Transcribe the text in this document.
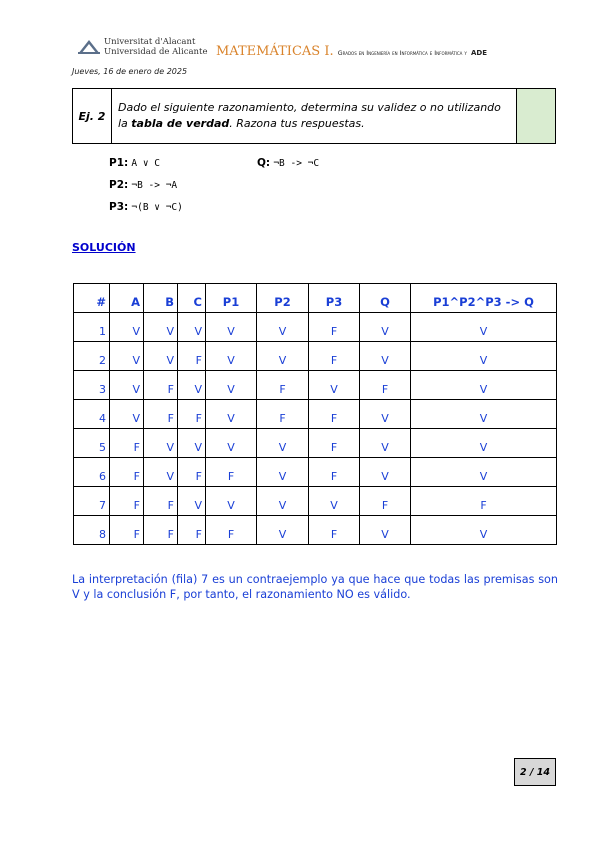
Universitat d'Alacant
Universidad de Alicante MATEMÁTICAS I. Grados en Ingeniería en Informática e Informática y ADE
Jueves, 16 de enero de 2025
Ej. 2
Dado el siguiente razonamiento, determina su validez o no utilizando la tabla de verdad. Razona tus respuestas.
P1: A ∨ C
P2: ¬B -> ¬A
P3: ¬(B ∨ ¬C)
Q: ¬B -> ¬C
SOLUCIÓN
#	A	B	C	P1	P2	P3	Q	P1^P2^P3 -> Q
1	V	V	V	V	V	F	V	V
2	V	V	F	V	V	F	V	V
3	V	F	V	V	F	V	F	V
4	V	F	F	V	F	F	V	V
5	F	V	V	V	V	F	V	V
6	F	V	F	F	V	F	V	V
7	F	F	V	V	V	V	F	F
8	F	F	F	F	V	F	V	V
La interpretación (fila) 7 es un contraejemplo ya que hace que todas las premisas son V y la conclusión F, por tanto, el razonamiento NO es válido.
2 / 14
